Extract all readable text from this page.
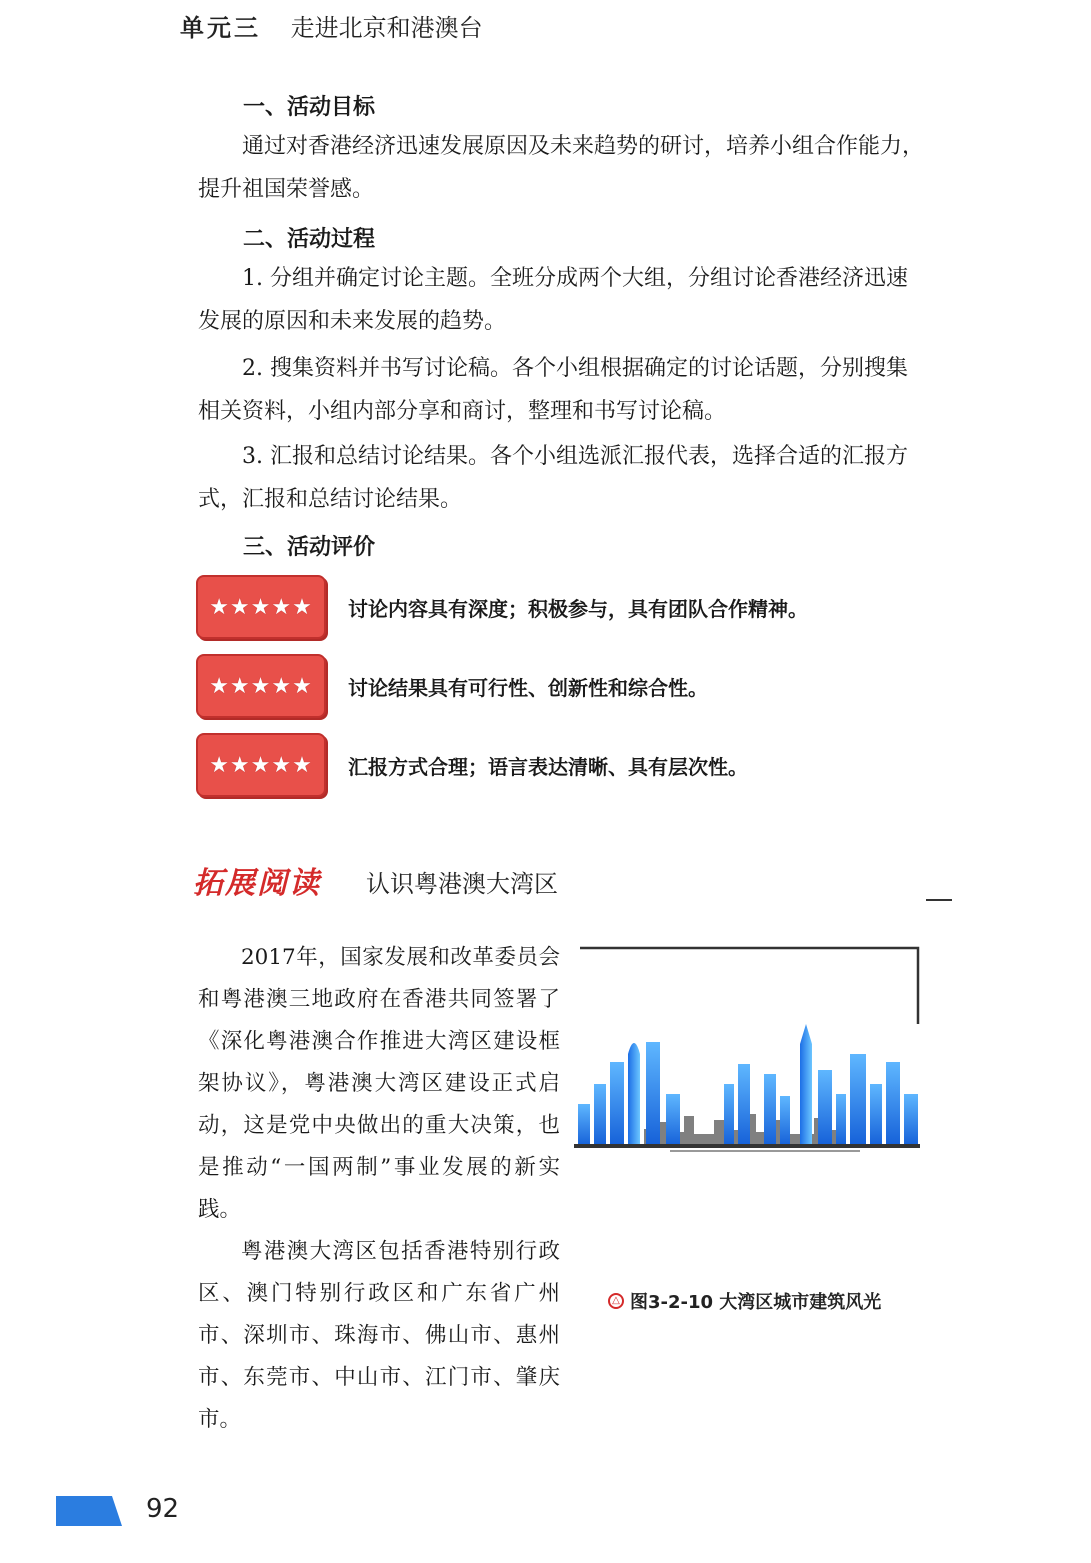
单元三 走进北京和港澳台
一、活动目标
通过对香港经济迅速发展原因及未来趋势的研讨，培养小组合作能力，提升祖国荣誉感。
二、活动过程
1. 分组并确定讨论主题。全班分成两个大组，分组讨论香港经济迅速发展的原因和未来发展的趋势。
2. 搜集资料并书写讨论稿。各个小组根据确定的讨论话题，分别搜集相关资料，小组内部分享和商讨，整理和书写讨论稿。
3. 汇报和总结讨论结果。各个小组选派汇报代表，选择合适的汇报方式，汇报和总结讨论结果。
三、活动评价
★★★★★ 讨论内容具有深度；积极参与，具有团队合作精神。
★★★★★ 讨论结果具有可行性、创新性和综合性。
★★★★★ 汇报方式合理；语言表达清晰、具有层次性。
拓展阅读 认识粤港澳大湾区

2017年，国家发展和改革委员会和粤港澳三地政府在香港共同签署了《深化粤港澳合作推进大湾区建设框架协议》，粤港澳大湾区建设正式启动，这是党中央做出的重大决策，也是推动“一国两制”事业发展的新实践。

粤港澳大湾区包括香港特别行政区、澳门特别行政区和广东省广州市、深圳市、珠海市、佛山市、惠州市、东莞市、中山市、江门市、肇庆市。

△ 图3-2-10 大湾区城市建筑风光
92
